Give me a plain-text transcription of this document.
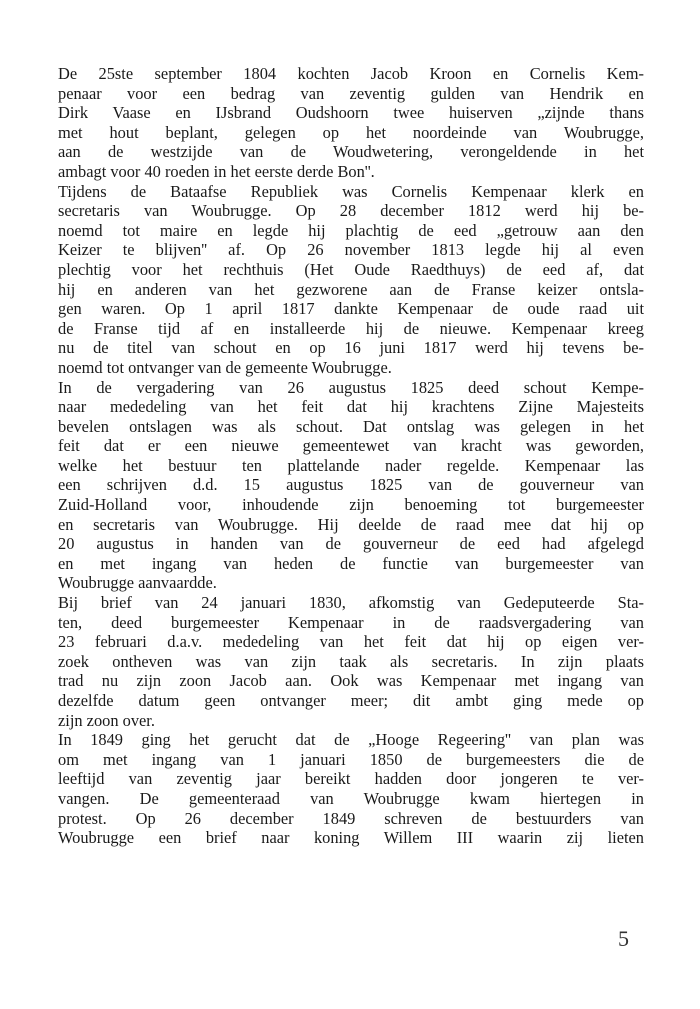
De 25ste september 1804 kochten Jacob Kroon en Cornelis Kem-
penaar voor een bedrag van zeventig gulden van Hendrik en
Dirk Vaase en IJsbrand Oudshoorn twee huiserven „zijnde thans
met hout beplant, gelegen op het noordeinde van Woubrugge,
aan de westzijde van de Woudwetering, verongeldende in het
ambagt voor 40 roeden in het eerste derde Bon''.
Tijdens de Bataafse Republiek was Cornelis Kempenaar klerk en
secretaris van Woubrugge. Op 28 december 1812 werd hij be-
noemd tot maire en legde hij plachtig de eed „getrouw aan den
Keizer te blijven'' af. Op 26 november 1813 legde hij al even
plechtig voor het rechthuis (Het Oude Raedthuys) de eed af, dat
hij en anderen van het gezworene aan de Franse keizer ontsla-
gen waren. Op 1 april 1817 dankte Kempenaar de oude raad uit
de Franse tijd af en installeerde hij de nieuwe. Kempenaar kreeg
nu de titel van schout en op 16 juni 1817 werd hij tevens be-
noemd tot ontvanger van de gemeente Woubrugge.
In de vergadering van 26 augustus 1825 deed schout Kempe-
naar mededeling van het feit dat hij krachtens Zijne Majesteits
bevelen ontslagen was als schout. Dat ontslag was gelegen in het
feit dat er een nieuwe gemeentewet van kracht was geworden,
welke het bestuur ten plattelande nader regelde. Kempenaar las
een schrijven d.d. 15 augustus 1825 van de gouverneur van
Zuid-Holland voor, inhoudende zijn benoeming tot burgemeester
en secretaris van Woubrugge. Hij deelde de raad mee dat hij op
20 augustus in handen van de gouverneur de eed had afgelegd
en met ingang van heden de functie van burgemeester van
Woubrugge aanvaardde.
Bij brief van 24 januari 1830, afkomstig van Gedeputeerde Sta-
ten, deed burgemeester Kempenaar in de raadsvergadering van
23 februari d.a.v. mededeling van het feit dat hij op eigen ver-
zoek ontheven was van zijn taak als secretaris. In zijn plaats
trad nu zijn zoon Jacob aan. Ook was Kempenaar met ingang van
dezelfde datum geen ontvanger meer; dit ambt ging mede op
zijn zoon over.
In 1849 ging het gerucht dat de „Hooge Regeering'' van plan was
om met ingang van 1 januari 1850 de burgemeesters die de
leeftijd van zeventig jaar bereikt hadden door jongeren te ver-
vangen. De gemeenteraad van Woubrugge kwam hiertegen in
protest. Op 26 december 1849 schreven de bestuurders van
Woubrugge een brief naar koning Willem III waarin zij lieten
5
